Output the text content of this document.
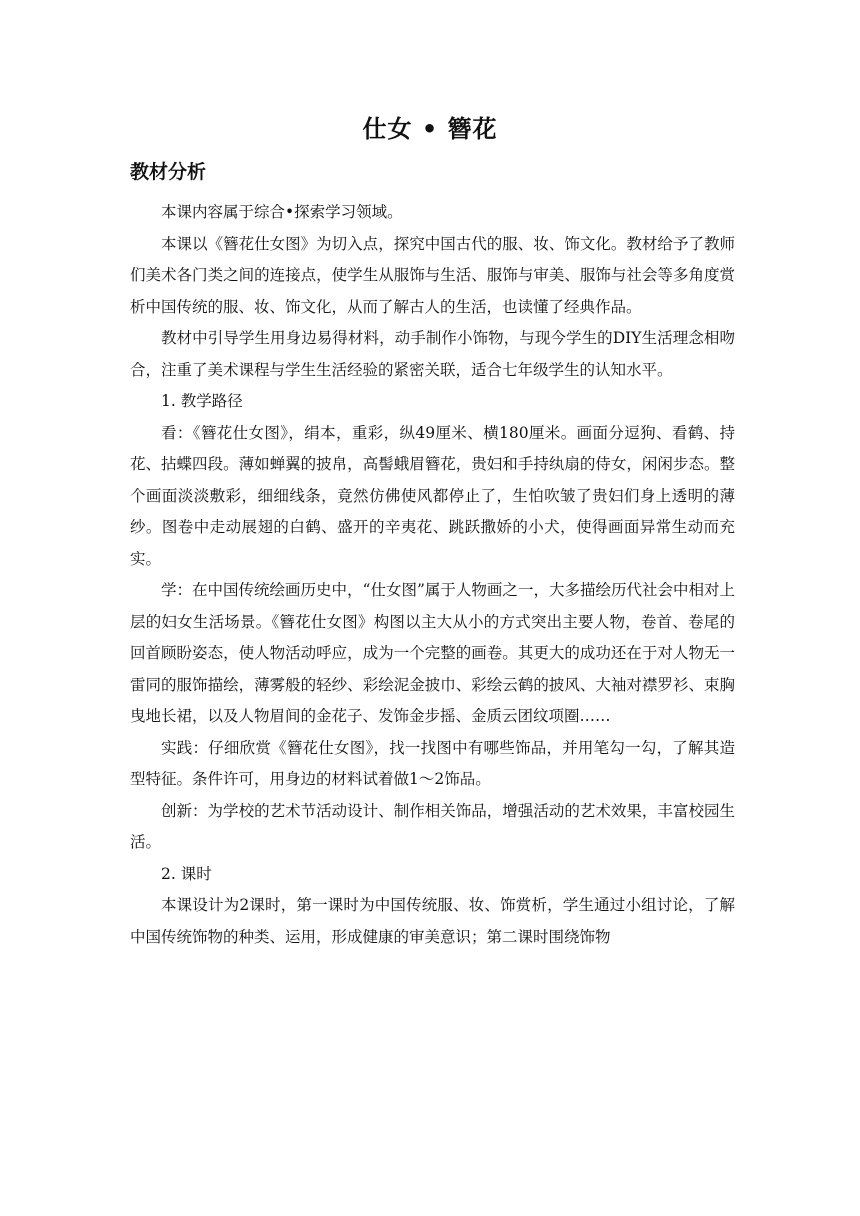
仕女 • 簪花
教材分析

本课内容属于综合•探索学习领域。

本课以《簪花仕女图》为切入点，探究中国古代的服、妆、饰文化。教材给予了教师们美术各门类之间的连接点，使学生从服饰与生活、服饰与审美、服饰与社会等多角度赏析中国传统的服、妆、饰文化，从而了解古人的生活，也读懂了经典作品。

教材中引导学生用身边易得材料，动手制作小饰物，与现今学生的DIY生活理念相吻合，注重了美术课程与学生生活经验的紧密关联，适合七年级学生的认知水平。

1. 教学路径

看：《簪花仕女图》，绢本，重彩，纵49厘米、横180厘米。画面分逗狗、看鹤、持花、拈蝶四段。薄如蝉翼的披帛，高髻蛾眉簪花，贵妇和手持纨扇的侍女，闲闲步态。整个画面淡淡敷彩，细细线条，竟然仿佛使风都停止了，生怕吹皱了贵妇们身上透明的薄纱。图卷中走动展翅的白鹤、盛开的辛夷花、跳跃撒娇的小犬，使得画面异常生动而充实。

学：在中国传统绘画历史中，“仕女图”属于人物画之一，大多描绘历代社会中相对上层的妇女生活场景。《簪花仕女图》构图以主大从小的方式突出主要人物，卷首、卷尾的回首顾盼姿态，使人物活动呼应，成为一个完整的画卷。其更大的成功还在于对人物无一雷同的服饰描绘，薄雾般的轻纱、彩绘泥金披巾、彩绘云鹤的披风、大袖对襟罗衫、束胸曳地长裙，以及人物眉间的金花子、发饰金步摇、金质云团纹项圈……

实践：仔细欣赏《簪花仕女图》，找一找图中有哪些饰品，并用笔勾一勾，了解其造型特征。条件许可，用身边的材料试着做1～2饰品。

创新：为学校的艺术节活动设计、制作相关饰品，增强活动的艺术效果，丰富校园生活。

2. 课时

本课设计为2课时，第一课时为中国传统服、妆、饰赏析，学生通过小组讨论，了解中国传统饰物的种类、运用，形成健康的审美意识；第二课时围绕饰物
